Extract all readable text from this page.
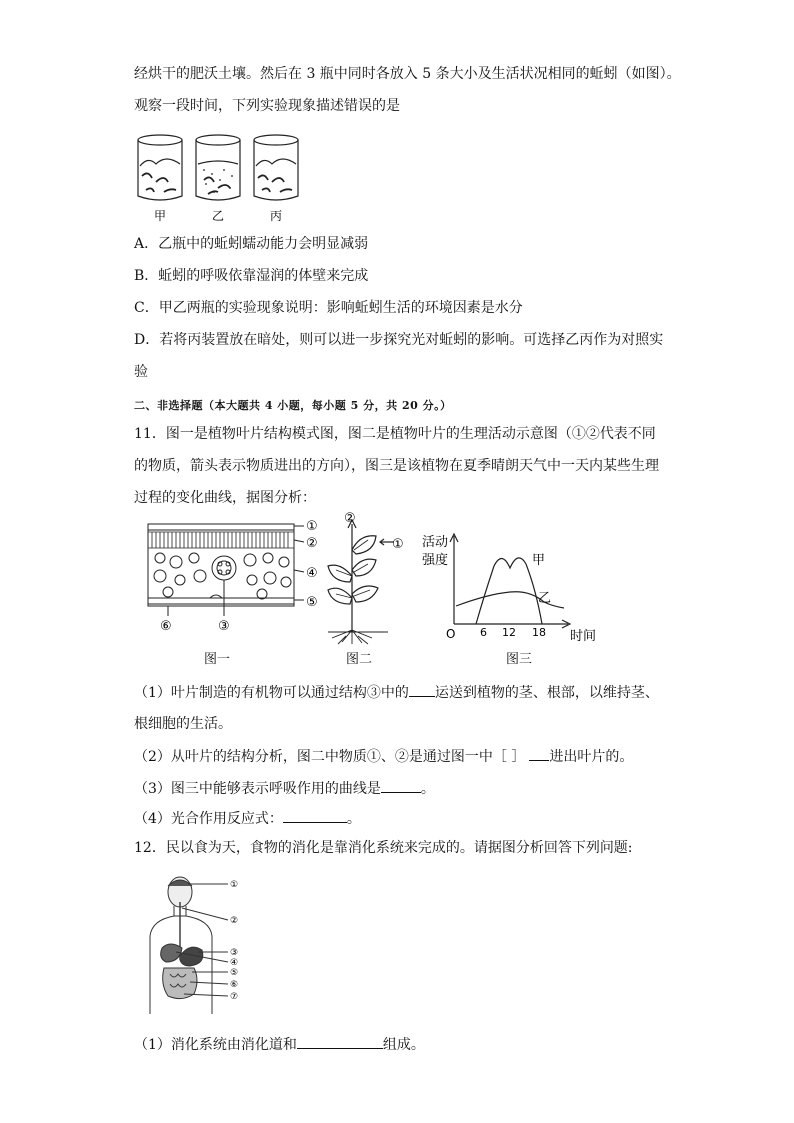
经烘干的肥沃土壤。然后在 3 瓶中同时各放入 5 条大小及生活状况相同的蚯蚓（如图）。
观察一段时间，下列实验现象描述错误的是
甲	乙	丙
A．乙瓶中的蚯蚓蠕动能力会明显减弱
B．蚯蚓的呼吸依靠湿润的体壁来完成
C．甲乙两瓶的实验现象说明：影响蚯蚓生活的环境因素是水分
D．若将丙装置放在暗处，则可以进一步探究光对蚯蚓的影响。可选择乙丙作为对照实
验
二、非选择题（本大题共 4 小题，每小题 5 分，共 20 分。）
11．图一是植物叶片结构模式图，图二是植物叶片的生理活动示意图（①②代表不同
的物质，箭头表示物质进出的方向），图三是该植物在夏季晴朗天气中一天内某些生理
过程的变化曲线，据图分析：
①
②
④
⑤
⑥	③
图一
②
①
图二
活动
强度	甲
乙
O 6 12 18 时间
图三
（1）叶片制造的有机物可以通过结构③中的 运送到植物的茎、根部，以维持茎、
根细胞的生活。
（2）从叶片的结构分析，图二中物质①、②是通过图一中［ ］ 进出叶片的。
（3）图三中能够表示呼吸作用的曲线是	。
（4）光合作用反应式：	。
12．民以食为天，食物的消化是靠消化系统来完成的。请据图分析回答下列问题:
①
②
③
④
⑤
⑥
⑦
（1）消化系统由消化道和	组成。
